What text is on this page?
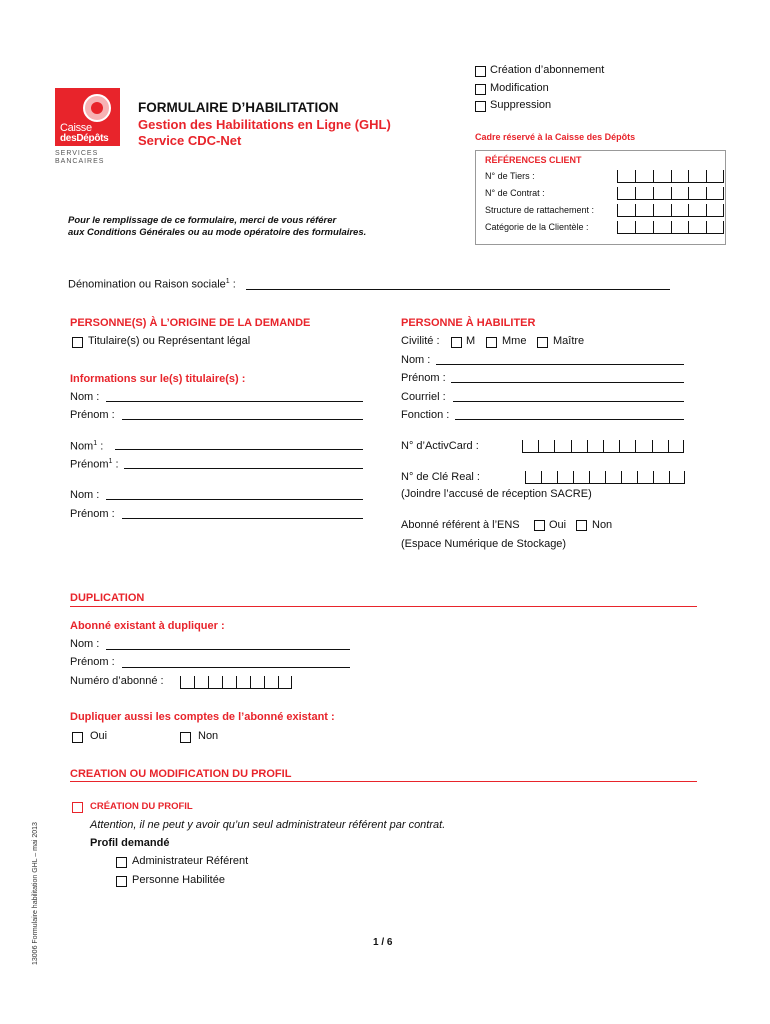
Création d’abonnement
Modification
Suppression
Caisse
desDépôts
SERVICES
BANCAIRES
FORMULAIRE D’HABILITATION
Gestion des Habilitations en Ligne (GHL)
Service CDC-Net
Pour le remplissage de ce formulaire, merci de vous référer
aux Conditions Générales ou au mode opératoire des formulaires.
Cadre réservé à la Caisse des Dépôts
RÉFÉRENCES CLIENT
N° de Tiers :
N° de Contrat :
Structure de rattachement :
Catégorie de la Clientèle :
Dénomination ou Raison sociale$^1$ :
PERSONNE(S) À L’ORIGINE DE LA DEMANDE
Titulaire(s) ou Représentant légal
Informations sur le(s) titulaire(s) :
Nom :
Prénom :
Nom$^1$ :
Prénom$^1$ :
Nom :
Prénom :
PERSONNE À HABILITER
Civilité : M Mme Maître
Nom :
Prénom :
Courriel :
Fonction :
N° d’ActivCard :
N° de Clé Real :
(Joindre l’accusé de réception SACRE)
Abonné référent à l’ENS	Oui Non
(Espace Numérique de Stockage)
DUPLICATION
Abonné existant à dupliquer :
Nom :
Prénom :
Numéro d’abonné :
Dupliquer aussi les comptes de l’abonné existant :
Oui	Non
CREATION OU MODIFICATION DU PROFIL
CRÉATION DU PROFIL
Attention, il ne peut y avoir qu’un seul administrateur référent par contrat.
Profil demandé
Administrateur Référent
Personne Habilitée
1 / 6
13006 Formulaire habilitation GHL – mai 2013
